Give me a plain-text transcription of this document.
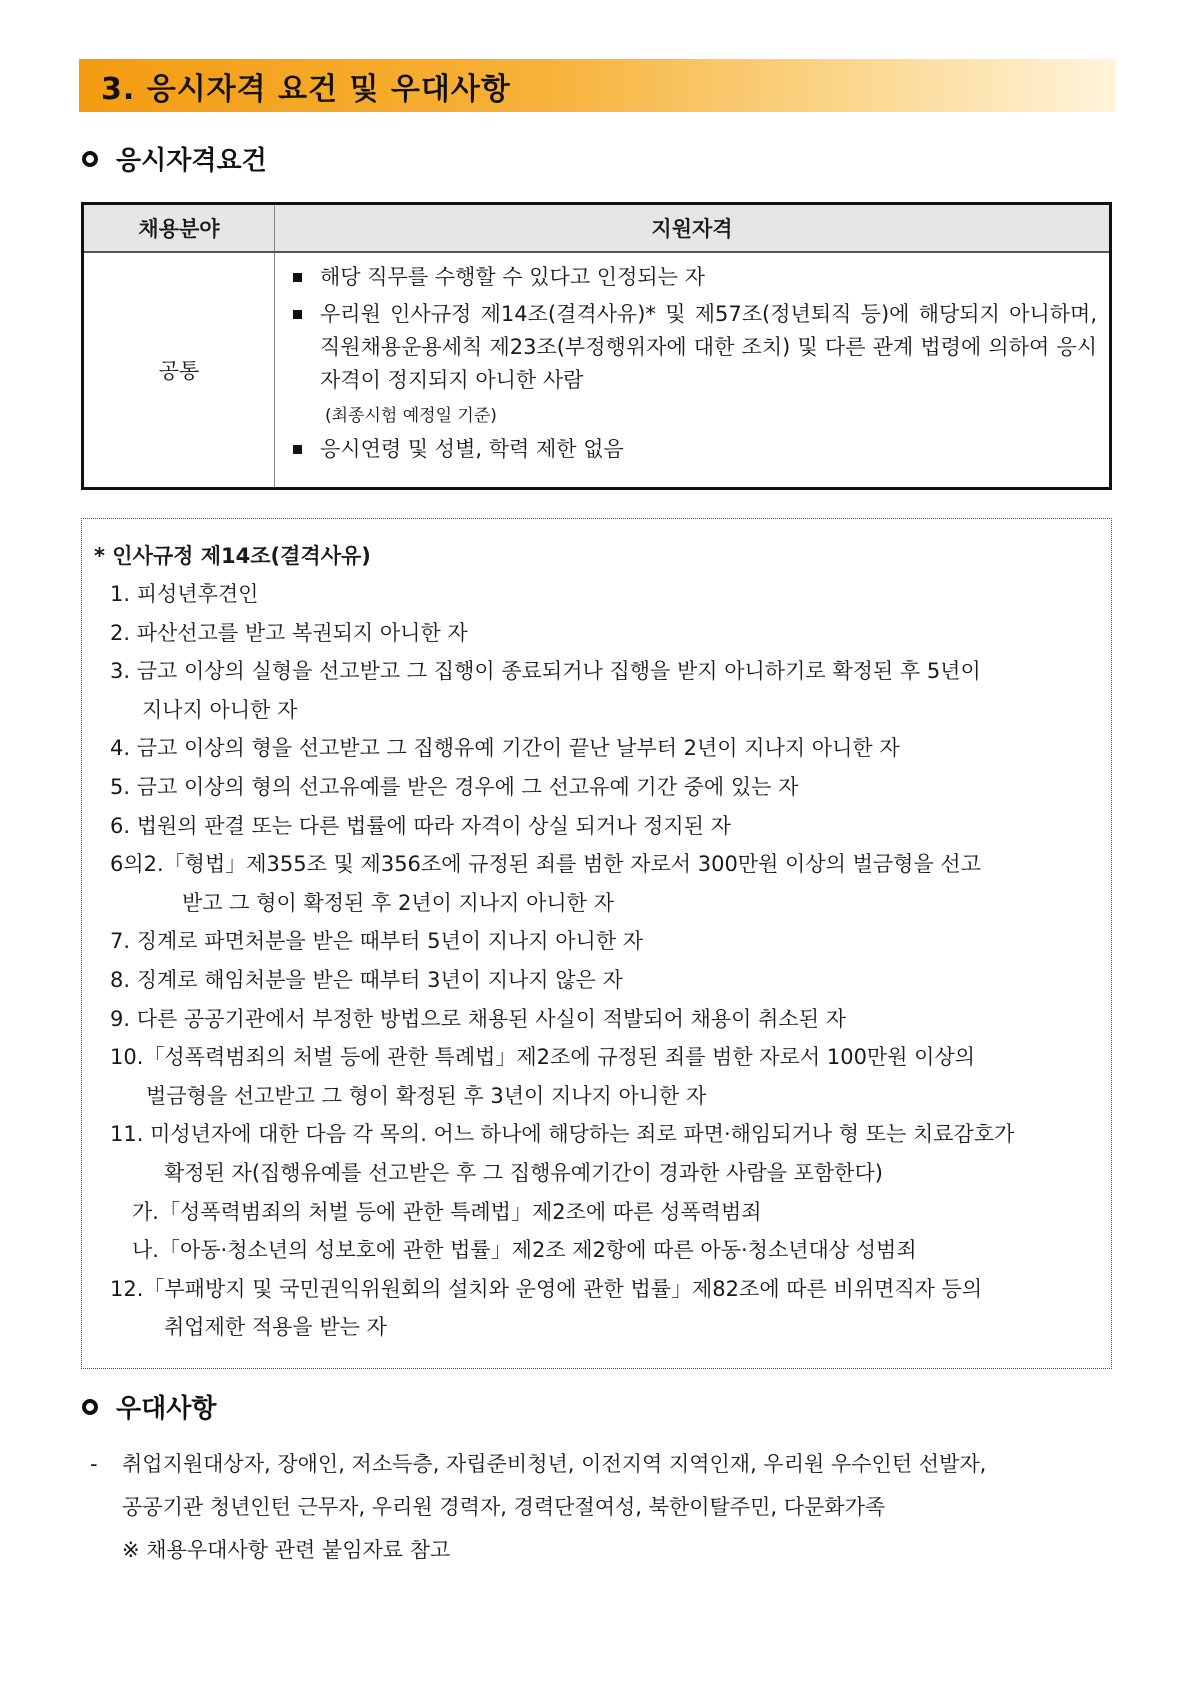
3. 응시자격 요건 및 우대사항
응시자격요건
채용분야	지원자격
공통	해당 직무를 수행할 수 있다고 인정되는 자
우리원 인사규정 제14조(결격사유)* 및 제57조(정년퇴직 등)에 해당되지 아니하며, 직원채용운용세칙 제23조(부정행위자에 대한 조치) 및 다른 관계 법령에 의하여 응시자격이 정지되지 아니한 사람
(최종시험 예정일 기준)
응시연령 및 성별, 학력 제한 없음
* 인사규정 제14조(결격사유)
1. 피성년후견인
2. 파산선고를 받고 복권되지 아니한 자
3. 금고 이상의 실형을 선고받고 그 집행이 종료되거나 집행을 받지 아니하기로 확정된 후 5년이
지나지 아니한 자
4. 금고 이상의 형을 선고받고 그 집행유예 기간이 끝난 날부터 2년이 지나지 아니한 자
5. 금고 이상의 형의 선고유예를 받은 경우에 그 선고유예 기간 중에 있는 자
6. 법원의 판결 또는 다른 법률에 따라 자격이 상실 되거나 정지된 자
6의2.「형법」제355조 및 제356조에 규정된 죄를 범한 자로서 300만원 이상의 벌금형을 선고
받고 그 형이 확정된 후 2년이 지나지 아니한 자
7. 징계로 파면처분을 받은 때부터 5년이 지나지 아니한 자
8. 징계로 해임처분을 받은 때부터 3년이 지나지 않은 자
9. 다른 공공기관에서 부정한 방법으로 채용된 사실이 적발되어 채용이 취소된 자
10.「성폭력범죄의 처벌 등에 관한 특례법」제2조에 규정된 죄를 범한 자로서 100만원 이상의
벌금형을 선고받고 그 형이 확정된 후 3년이 지나지 아니한 자
11. 미성년자에 대한 다음 각 목의. 어느 하나에 해당하는 죄로 파면·해임되거나 형 또는 치료감호가
확정된 자(집행유예를 선고받은 후 그 집행유예기간이 경과한 사람을 포함한다)
가.「성폭력범죄의 처벌 등에 관한 특례법」제2조에 따른 성폭력범죄
나.「아동·청소년의 성보호에 관한 법률」제2조 제2항에 따른 아동·청소년대상 성범죄
12.「부패방지 및 국민권익위원회의 설치와 운영에 관한 법률」제82조에 따른 비위면직자 등의
취업제한 적용을 받는 자
우대사항
- 취업지원대상자, 장애인, 저소득층, 자립준비청년, 이전지역 지역인재, 우리원 우수인턴 선발자,
공공기관 청년인턴 근무자, 우리원 경력자, 경력단절여성, 북한이탈주민, 다문화가족
※ 채용우대사항 관련 붙임자료 참고
